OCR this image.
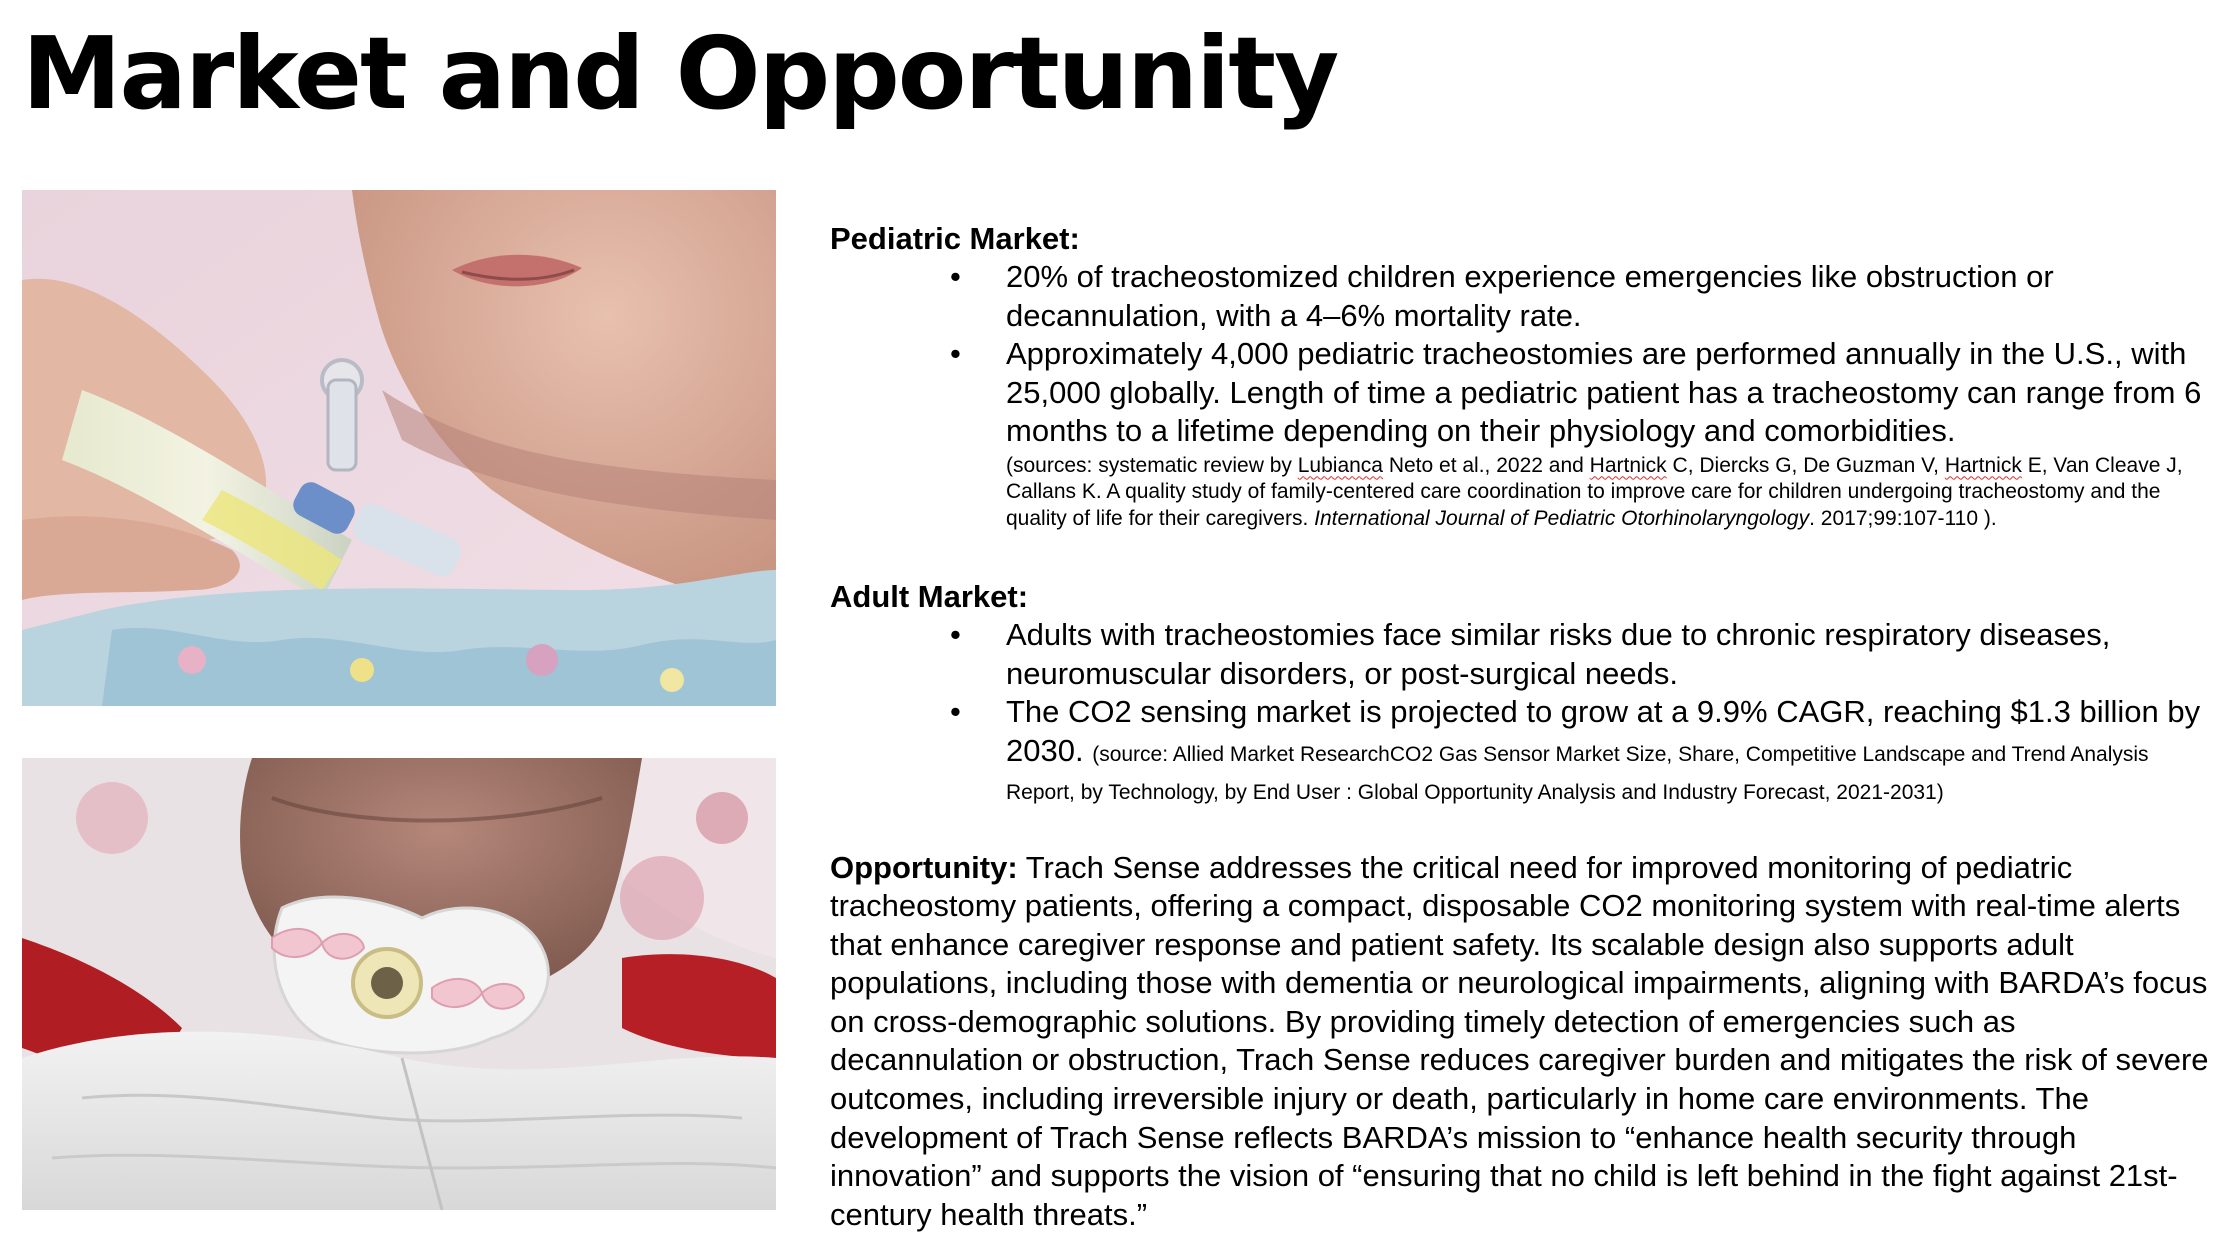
Market and Opportunity

Pediatric Market:

• 20% of tracheostomized children experience emergencies like obstruction or decannulation, with a 4–6% mortality rate.
• Approximately 4,000 pediatric tracheostomies are performed annually in the U.S., with 25,000 globally. Length of time a pediatric patient has a tracheostomy can range from 6 months to a lifetime depending on their physiology and comorbidities.
(sources: systematic review by Lubianca Neto et al., 2022 and Hartnick C, Diercks G, De Guzman V, Hartnick E, Van Cleave J, Callans K. A quality study of family-centered care coordination to improve care for children undergoing tracheostomy and the quality of life for their caregivers. International Journal of Pediatric Otorhinolaryngology. 2017;99:107-110 ).

Adult Market:

• Adults with tracheostomies face similar risks due to chronic respiratory diseases, neuromuscular disorders, or post-surgical needs.
• The CO2 sensing market is projected to grow at a 9.9% CAGR, reaching $1.3 billion by 2030. (source: Allied Market ResearchCO2 Gas Sensor Market Size, Share, Competitive Landscape and Trend Analysis Report, by Technology, by End User : Global Opportunity Analysis and Industry Forecast, 2021-2031)

Opportunity: Trach Sense addresses the critical need for improved monitoring of pediatric tracheostomy patients, offering a compact, disposable CO2 monitoring system with real-time alerts that enhance caregiver response and patient safety. Its scalable design also supports adult populations, including those with dementia or neurological impairments, aligning with BARDA’s focus on cross-demographic solutions. By providing timely detection of emergencies such as decannulation or obstruction, Trach Sense reduces caregiver burden and mitigates the risk of severe outcomes, including irreversible injury or death, particularly in home care environments. The development of Trach Sense reflects BARDA’s mission to “enhance health security through innovation” and supports the vision of “ensuring that no child is left behind in the fight against 21st-century health threats.”
